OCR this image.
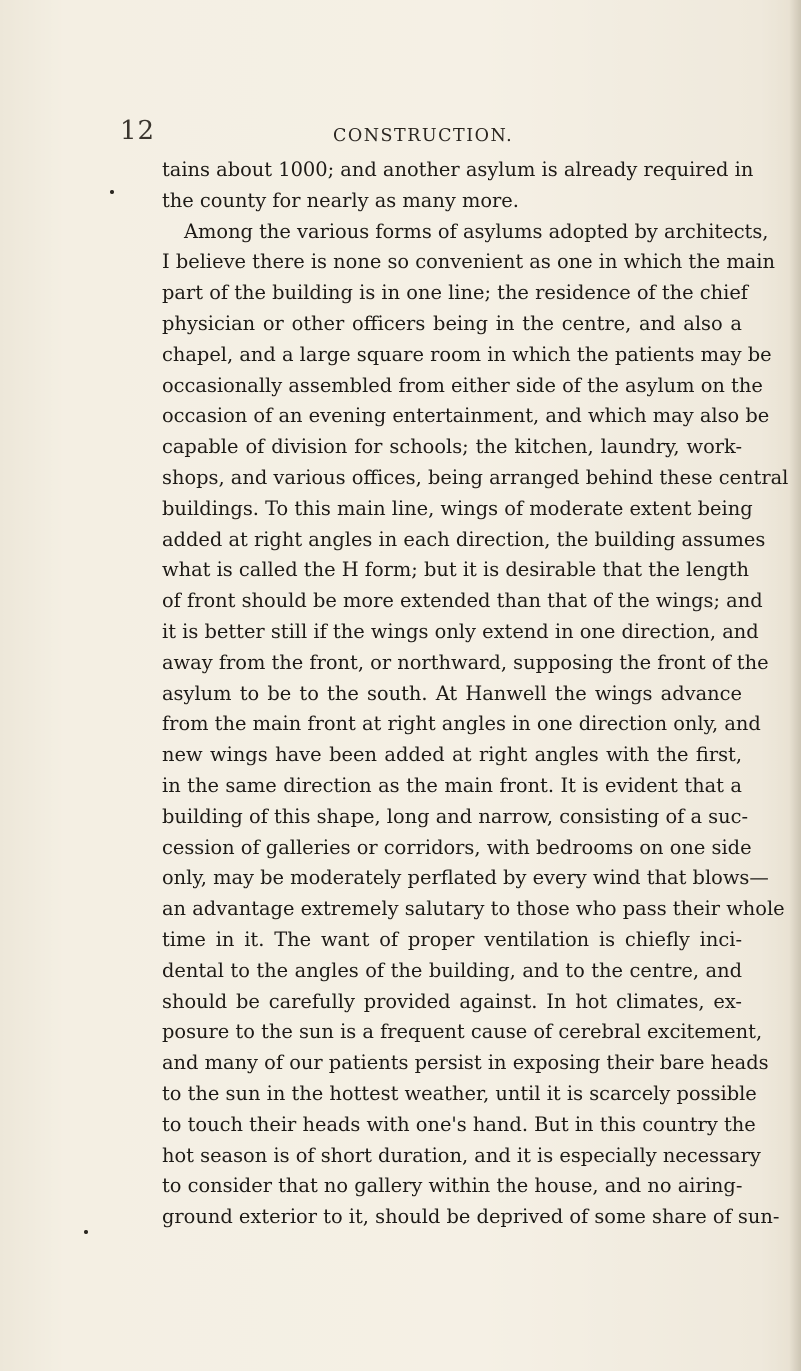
12	CONSTRUCTION.
tains about 1000; and another asylum is already required in
the county for nearly as many more.
Among the various forms of asylums adopted by architects,
I believe there is none so convenient as one in which the main
part of the building is in one line; the residence of the chief
physician or other officers being in the centre, and also a
chapel, and a large square room in which the patients may be
occasionally assembled from either side of the asylum on the
occasion of an evening entertainment, and which may also be
capable of division for schools; the kitchen, laundry, work-
shops, and various offices, being arranged behind these central
buildings. To this main line, wings of moderate extent being
added at right angles in each direction, the building assumes
what is called the H form; but it is desirable that the length
of front should be more extended than that of the wings; and
it is better still if the wings only extend in one direction, and
away from the front, or northward, supposing the front of the
asylum to be to the south. At Hanwell the wings advance
from the main front at right angles in one direction only, and
new wings have been added at right angles with the first,
in the same direction as the main front. It is evident that a
building of this shape, long and narrow, consisting of a suc-
cession of galleries or corridors, with bedrooms on one side
only, may be moderately perflated by every wind that blows—
an advantage extremely salutary to those who pass their whole
time in it. The want of proper ventilation is chiefly inci-
dental to the angles of the building, and to the centre, and
should be carefully provided against. In hot climates, ex-
posure to the sun is a frequent cause of cerebral excitement,
and many of our patients persist in exposing their bare heads
to the sun in the hottest weather, until it is scarcely possible
to touch their heads with one's hand. But in this country the
hot season is of short duration, and it is especially necessary
to consider that no gallery within the house, and no airing-
ground exterior to it, should be deprived of some share of sun-
